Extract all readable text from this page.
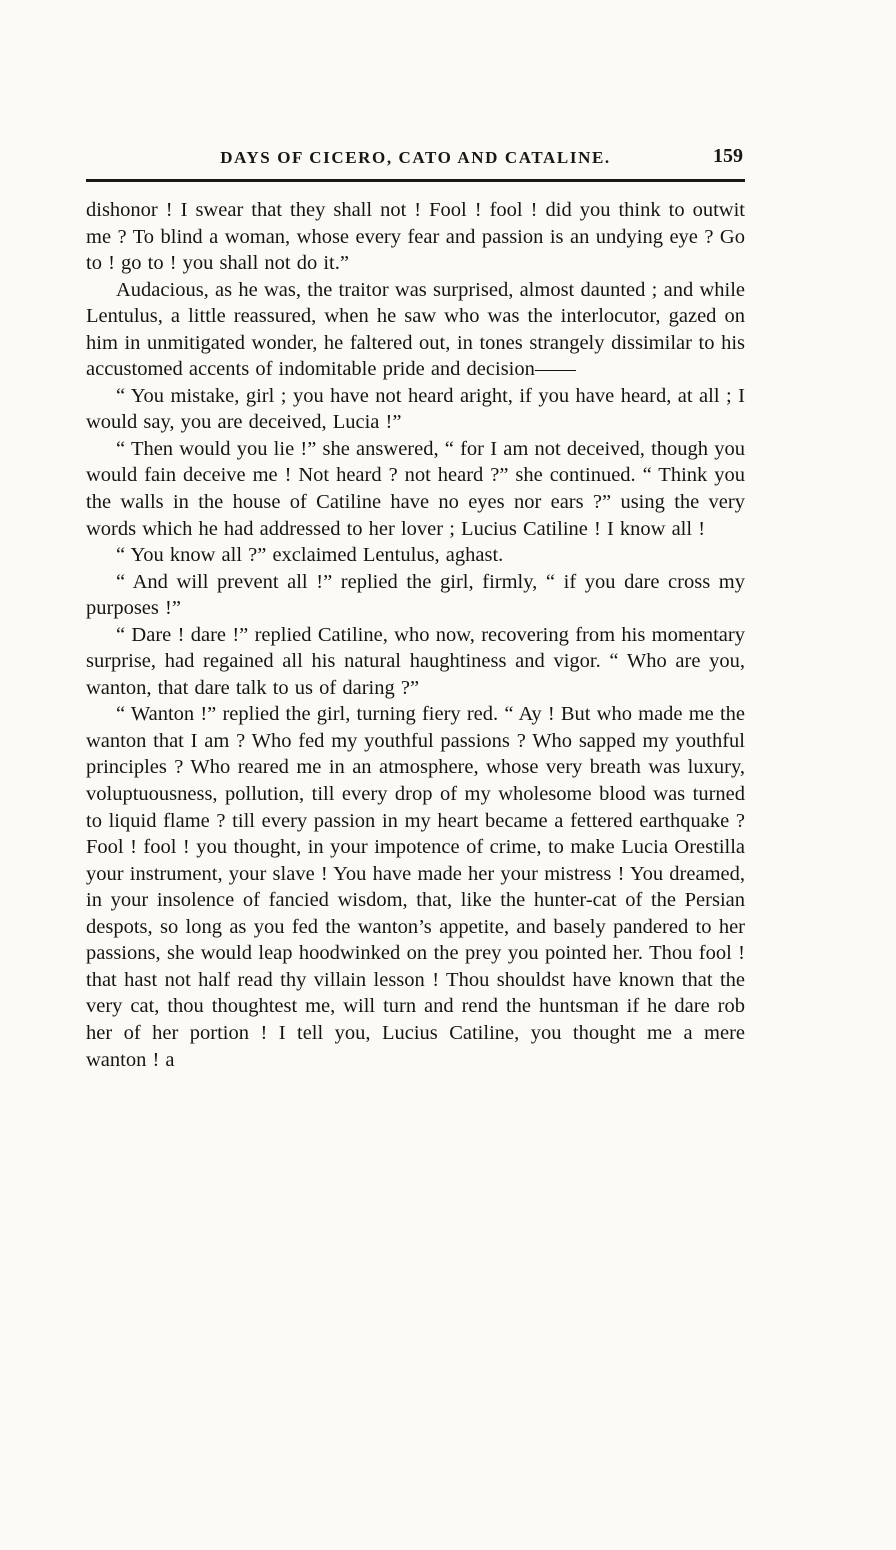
DAYS OF CICERO, CATO AND CATALINE.	159

dishonor ! I swear that they shall not ! Fool ! fool ! did you think to outwit me ? To blind a woman, whose every fear and passion is an undying eye ? Go to ! go to ! you shall not do it.”

Audacious, as he was, the traitor was surprised, almost daunted ; and while Lentulus, a little reassured, when he saw who was the interlocutor, gazed on him in unmitigated wonder, he faltered out, in tones strangely dissimilar to his accustomed accents of indomitable pride and decision——

“ You mistake, girl ; you have not heard aright, if you have heard, at all ; I would say, you are deceived, Lucia !”

“ Then would you lie !” she answered, “ for I am not deceived, though you would fain deceive me ! Not heard ? not heard ?” she continued. “ Think you the walls in the house of Catiline have no eyes nor ears ?” using the very words which he had addressed to her lover ; Lucius Catiline ! I know all !

“ You know all ?” exclaimed Lentulus, aghast.

“ And will prevent all !” replied the girl, firmly, “ if you dare cross my purposes !”

“ Dare ! dare !” replied Catiline, who now, recovering from his momentary surprise, had regained all his natural haughtiness and vigor. “ Who are you, wanton, that dare talk to us of daring ?”

“ Wanton !” replied the girl, turning fiery red. “ Ay ! But who made me the wanton that I am ? Who fed my youthful passions ? Who sapped my youthful principles ? Who reared me in an atmosphere, whose very breath was luxury, voluptuousness, pollution, till every drop of my wholesome blood was turned to liquid flame ? till every passion in my heart became a fettered earthquake ? Fool ! fool ! you thought, in your impotence of crime, to make Lucia Orestilla your instrument, your slave ! You have made her your mistress ! You dreamed, in your insolence of fancied wisdom, that, like the hunter-cat of the Persian despots, so long as you fed the wanton’s appetite, and basely pandered to her passions, she would leap hoodwinked on the prey you pointed her. Thou fool ! that hast not half read thy villain lesson ! Thou shouldst have known that the very cat, thou thoughtest me, will turn and rend the huntsman if he dare rob her of her portion ! I tell you, Lucius Catiline, you thought me a mere wanton ! a
